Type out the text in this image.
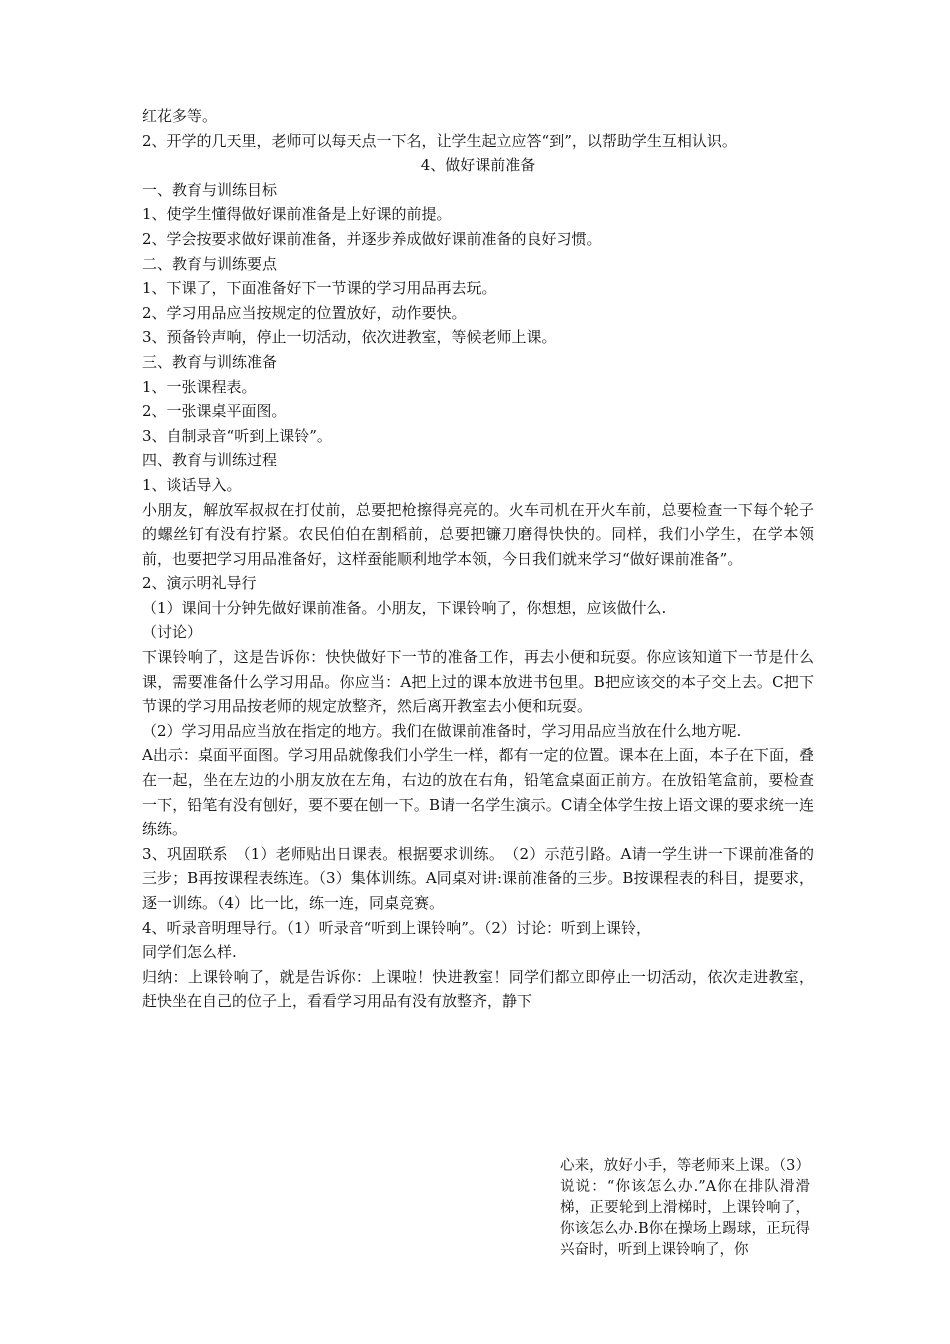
红花多等。

2、开学的几天里，老师可以每天点一下名，让学生起立应答“到”，以帮助学生互相认识。

4、做好课前准备

一、教育与训练目标

1、使学生懂得做好课前准备是上好课的前提。

2、学会按要求做好课前准备，并逐步养成做好课前准备的良好习惯。

二、教育与训练要点

1、下课了，下面准备好下一节课的学习用品再去玩。

2、学习用品应当按规定的位置放好，动作要快。

3、预备铃声响，停止一切活动，依次进教室，等候老师上课。

三、教育与训练准备

1、一张课程表。

2、一张课桌平面图。

3、自制录音“听到上课铃”。

四、教育与训练过程

1、谈话导入。

小朋友，解放军叔叔在打仗前，总要把枪擦得亮亮的。火车司机在开火车前，总要检查一下每个轮子的螺丝钉有没有拧紧。农民伯伯在割稻前，总要把镰刀磨得快快的。同样，我们小学生，在学本领前，也要把学习用品准备好，这样蚕能顺利地学本领，今日我们就来学习“做好课前准备”。

2、演示明礼导行

（1）课间十分钟先做好课前准备。小朋友，下课铃响了，你想想，应该做什么.

（讨论）

下课铃响了，这是告诉你：快快做好下一节的准备工作，再去小便和玩耍。你应该知道下一节是什么课，需要准备什么学习用品。你应当：A把上过的课本放进书包里。B把应该交的本子交上去。C把下节课的学习用品按老师的规定放整齐，然后离开教室去小便和玩耍。

（2）学习用品应当放在指定的地方。我们在做课前准备时，学习用品应当放在什么地方呢.

A出示：桌面平面图。学习用品就像我们小学生一样，都有一定的位置。课本在上面，本子在下面，叠在一起，坐在左边的小朋友放在左角，右边的放在右角，铅笔盒桌面正前方。在放铅笔盒前，要检查一下，铅笔有没有刨好，要不要在刨一下。B请一名学生演示。C请全体学生按上语文课的要求统一连练练。

3、巩固联系　（1）老师贴出日课表。根据要求训练。　（2）示范引路。A请一学生讲一下课前准备的三步；B再按课程表练连。（3）集体训练。A同桌对讲:课前准备的三步。B按课程表的科目，提要求，逐一训练。（4）比一比，练一连，同桌竞赛。

4、听录音明理导行。（1）听录音“听到上课铃响”。（2）讨论：听到上课铃，

同学们怎么样.

归纳：上课铃响了，就是告诉你：上课啦！快进教室！同学们都立即停止一切活动，依次走进教室，赶快坐在自己的位子上，看看学习用品有没有放整齐，静下

心来，放好小手，等老师来上课。（3）说说：“你该怎么办.”A你在排队滑滑梯，正要轮到上滑梯时，上课铃响了，你该怎么办.B你在操场上踢球，正玩得兴奋时，听到上课铃响了，你
